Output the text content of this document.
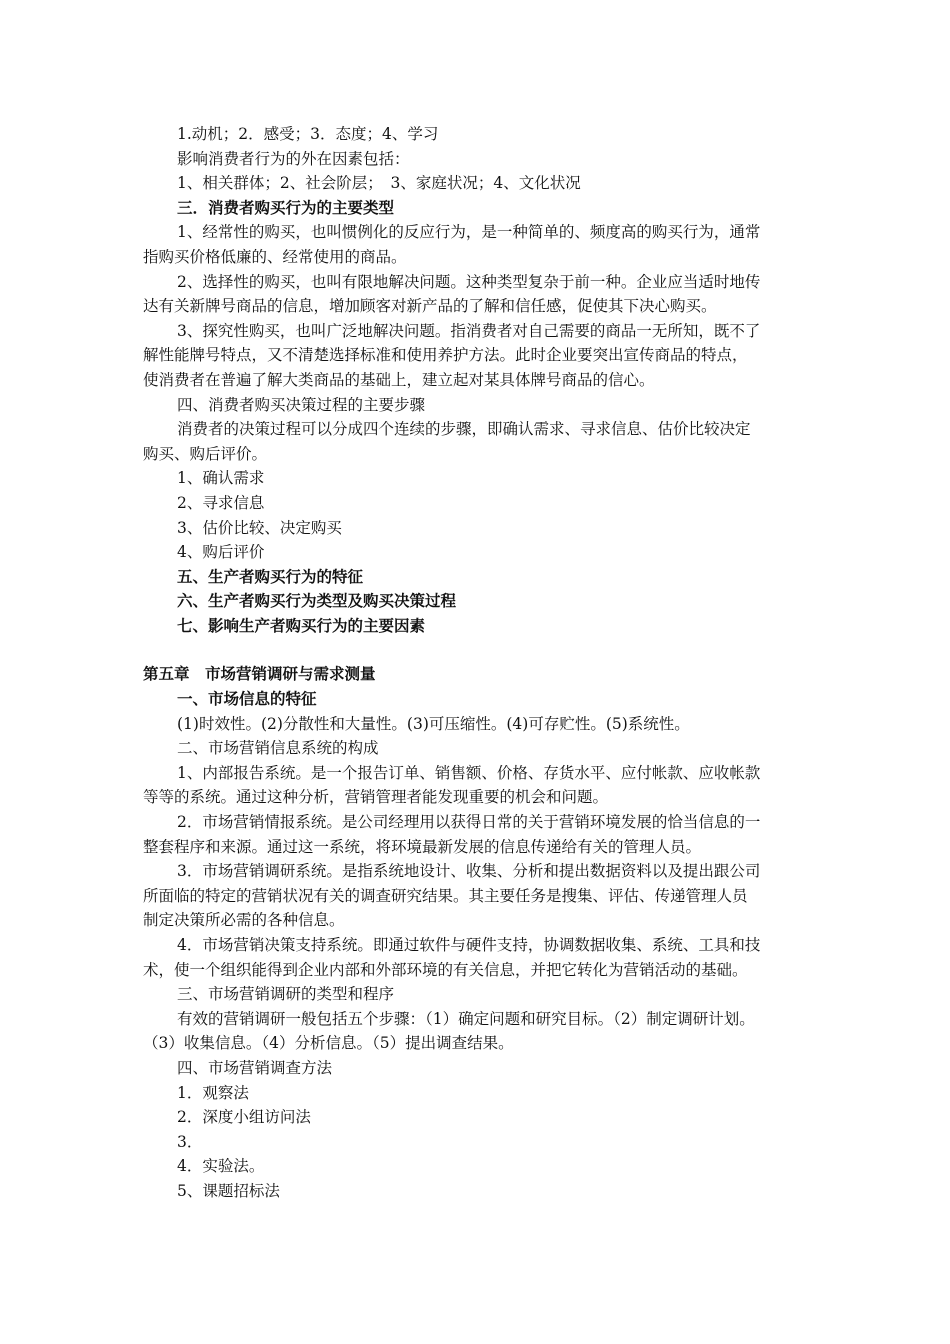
1.动机；2．感受；3．态度；4、学习
影响消费者行为的外在因素包括：
1、相关群体；2、社会阶层；　3、家庭状况；4、文化状况
三．消费者购买行为的主要类型
1、经常性的购买，也叫惯例化的反应行为，是一种简单的、频度高的购买行为，通常
指购买价格低廉的、经常使用的商品。
2、选择性的购买，也叫有限地解决问题。这种类型复杂于前一种。企业应当适时地传
达有关新牌号商品的信息，增加顾客对新产品的了解和信任感，促使其下决心购买。
3、探究性购买，也叫广泛地解决问题。指消费者对自己需要的商品一无所知，既不了
解性能牌号特点，又不清楚选择标准和使用养护方法。此时企业要突出宣传商品的特点，
使消费者在普遍了解大类商品的基础上，建立起对某具体牌号商品的信心。
四、消费者购买决策过程的主要步骤
消费者的决策过程可以分成四个连续的步骤，即确认需求、寻求信息、估价比较决定
购买、购后评价。
1、确认需求
2、寻求信息
3、估价比较、决定购买
4、购后评价
五、生产者购买行为的特征
六、生产者购买行为类型及购买决策过程
七、影响生产者购买行为的主要因素
第五章　市场营销调研与需求测量
一、市场信息的特征
(1)时效性。(2)分散性和大量性。(3)可压缩性。(4)可存贮性。(5)系统性。
二、市场营销信息系统的构成
1、内部报告系统。是一个报告订单、销售额、价格、存货水平、应付帐款、应收帐款
等等的系统。通过这种分析，营销管理者能发现重要的机会和问题。
2．市场营销情报系统。是公司经理用以获得日常的关于营销环境发展的恰当信息的一
整套程序和来源。通过这一系统，将环境最新发展的信息传递给有关的管理人员。
3．市场营销调研系统。是指系统地设计、收集、分析和提出数据资料以及提出跟公司
所面临的特定的营销状况有关的调查研究结果。其主要任务是搜集、评估、传递管理人员
制定决策所必需的各种信息。
4．市场营销决策支持系统。即通过软件与硬件支持，协调数据收集、系统、工具和技
术，使一个组织能得到企业内部和外部环境的有关信息，并把它转化为营销活动的基础。
三、市场营销调研的类型和程序
有效的营销调研一般包括五个步骤：（1）确定问题和研究目标。（2）制定调研计划。
（3）收集信息。（4）分析信息。（5）提出调查结果。
四、市场营销调查方法
1．观察法
2．深度小组访问法
3．
4．实验法。
5、课题招标法
